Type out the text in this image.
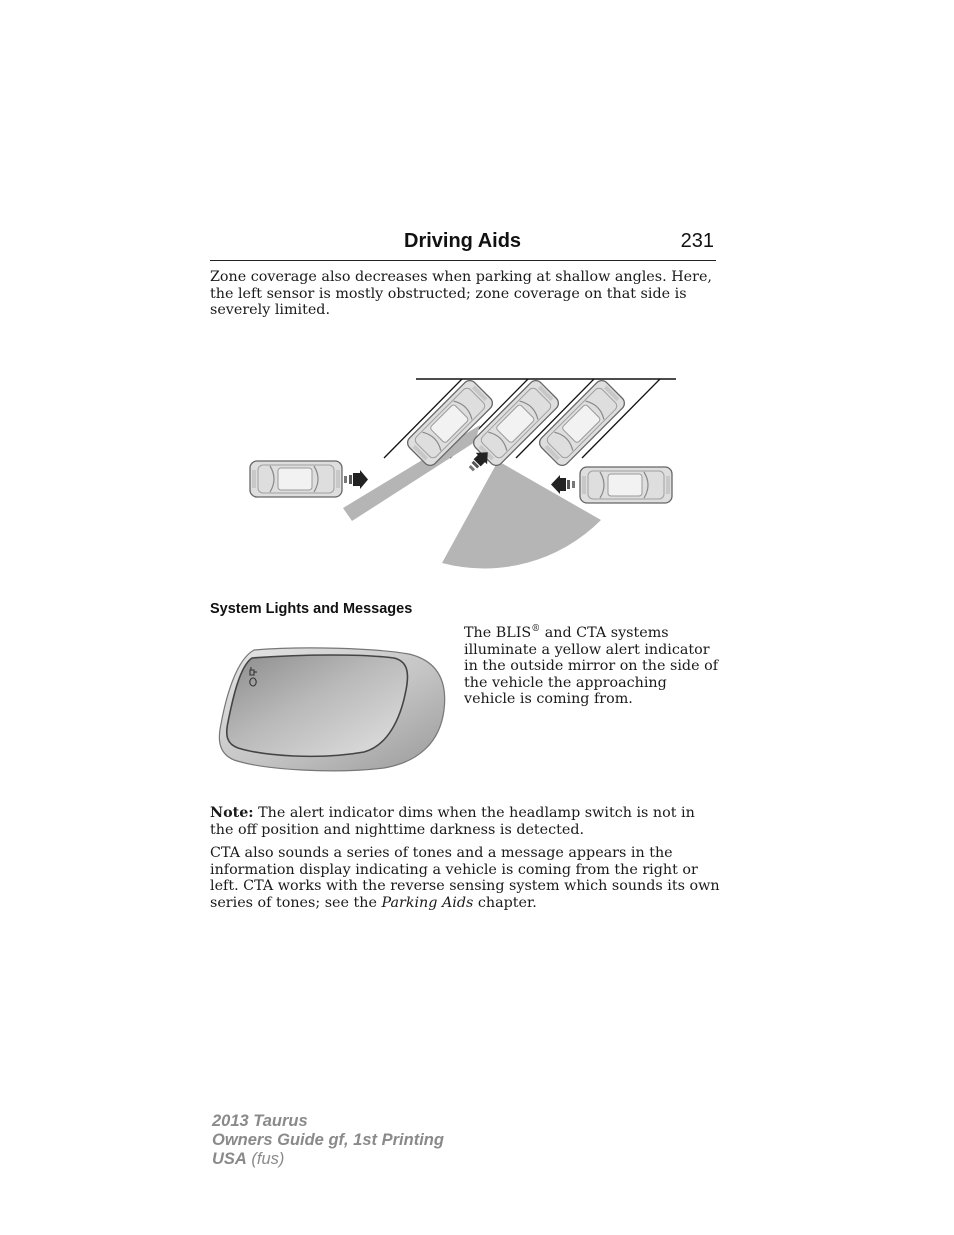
Driving Aids	231

Zone coverage also decreases when parking at shallow angles. Here, the left sensor is mostly obstructed; zone coverage on that side is severely limited.

System Lights and Messages

The BLIS® and CTA systems illuminate a yellow alert indicator in the outside mirror on the side of the vehicle the approaching vehicle is coming from.

Note: The alert indicator dims when the headlamp switch is not in the off position and nighttime darkness is detected.

CTA also sounds a series of tones and a message appears in the information display indicating a vehicle is coming from the right or left. CTA works with the reverse sensing system which sounds its own series of tones; see the Parking Aids chapter.

2013 Taurus
Owners Guide gf, 1st Printing
USA (fus)
